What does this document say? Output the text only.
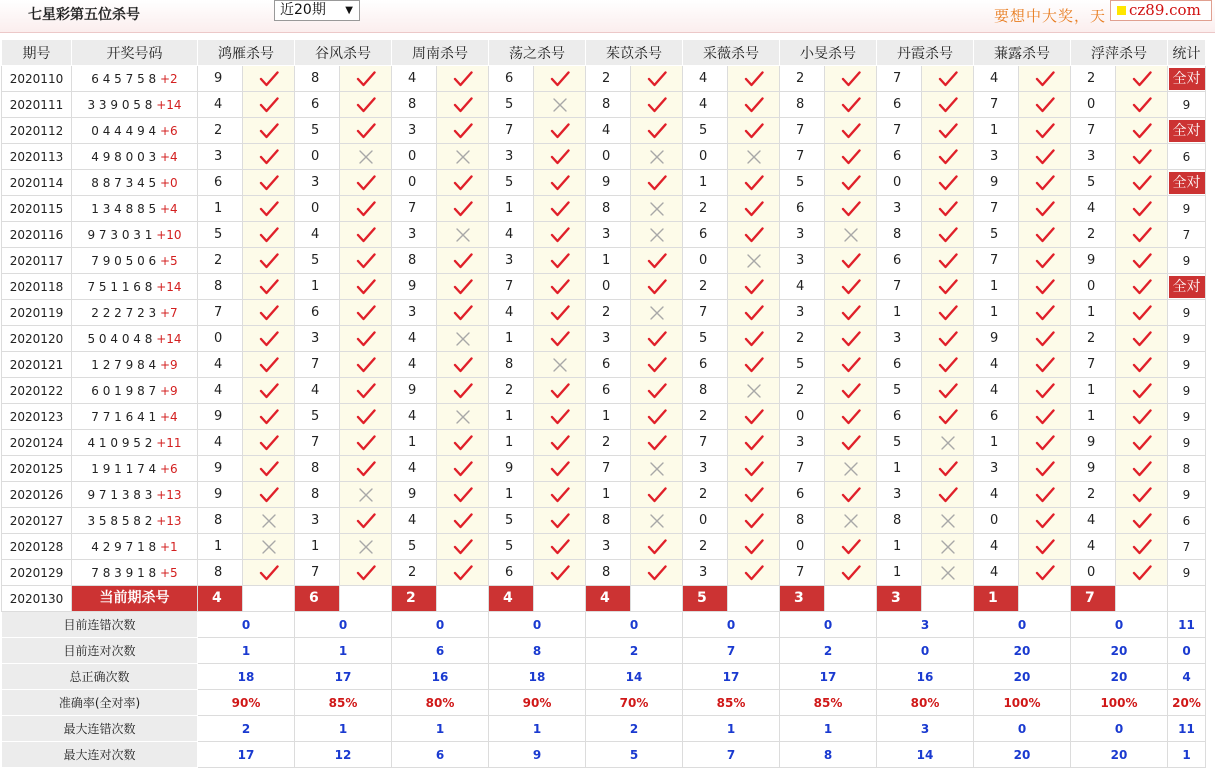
七星彩第五位杀号	近20期 ▼	要想中大奖，天	cz89.com
期号	开奖号码	鸿雁杀号		谷风杀号		周南杀号		荡之杀号		茱苡杀号		采薇杀号		小旻杀号		丹霞杀号		蒹露杀号		浮萍杀号		统计
2020110	6 4 5 7 5 8 +2	9		8		4		6		2		4		2		7		4		2		全对
2020111	3 3 9 0 5 8 +14	4		6		8		5		8		4		8		6		7		0		9
2020112	0 4 4 4 9 4 +6	2		5		3		7		4		5		7		7		1		7		全对
2020113	4 9 8 0 0 3 +4	3		0		0		3		0		0		7		6		3		3		6
2020114	8 8 7 3 4 5 +0	6		3		0		5		9		1		5		0		9		5		全对
2020115	1 3 4 8 8 5 +4	1		0		7		1		8		2		6		3		7		4		9
2020116	9 7 3 0 3 1 +10	5		4		3		4		3		6		3		8		5		2		7
2020117	7 9 0 5 0 6 +5	2		5		8		3		1		0		3		6		7		9		9
2020118	7 5 1 1 6 8 +14	8		1		9		7		0		2		4		7		1		0		全对
2020119	2 2 2 7 2 3 +7	7		6		3		4		2		7		3		1		1		1		9
2020120	5 0 4 0 4 8 +14	0		3		4		1		3		5		2		3		9		2		9
2020121	1 2 7 9 8 4 +9	4		7		4		8		6		6		5		6		4		7		9
2020122	6 0 1 9 8 7 +9	4		4		9		2		6		8		2		5		4		1		9
2020123	7 7 1 6 4 1 +4	9		5		4		1		1		2		0		6		6		1		9
2020124	4 1 0 9 5 2 +11	4		7		1		1		2		7		3		5		1		9		9
2020125	1 9 1 1 7 4 +6	9		8		4		9		7		3		7		1		3		9		8
2020126	9 7 1 3 8 3 +13	9		8		9		1		1		2		6		3		4		2		9
2020127	3 5 8 5 8 2 +13	8		3		4		5		8		0		8		8		0		4		6
2020128	4 2 9 7 1 8 +1	1		1		5		5		3		2		0		1		4		4		7
2020129	7 8 3 9 1 8 +5	8		7		2		6		8		3		7		1		4		0		9
2020130	当前期杀号	4		6		2		4		4		5		3		3		1		7		

目前连错次数		0		0		0		0		0		0		0		3		0		0		11
目前连对次数		1		1		6		8		2		7		2		0		20		20		0
总正确次数		18		17		16		18		14		17		17		16		20		20		4
准确率(全对率)		90%		85%		80%		90%		70%		85%		85%		80%		100%		100%		20%
最大连错次数		2		1		1		1		2		1		1		3		0		0		11
最大连对次数		17		12		6		9		5		7		8		14		20		20		1
